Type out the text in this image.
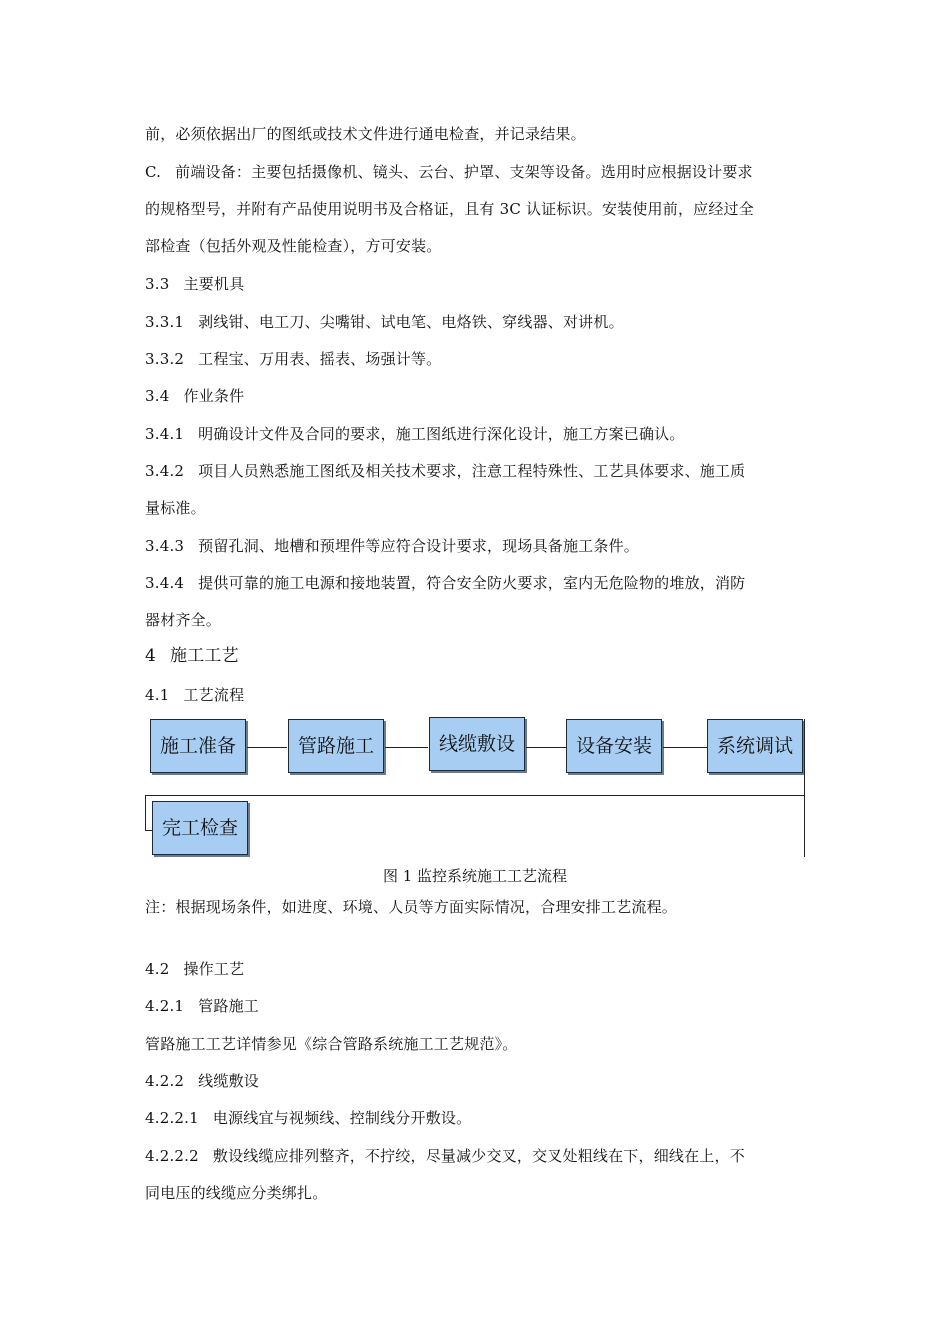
前，必须依据出厂的图纸或技术文件进行通电检查，并记录结果。
C. 前端设备：主要包括摄像机、镜头、云台、护罩、支架等设备。选用时应根据设计要求
的规格型号，并附有产品使用说明书及合格证，且有 3C 认证标识。安装使用前，应经过全
部检查（包括外观及性能检查），方可安装。
3.3 主要机具
3.3.1 剥线钳、电工刀、尖嘴钳、试电笔、电烙铁、穿线器、对讲机。
3.3.2 工程宝、万用表、摇表、场强计等。
3.4 作业条件
3.4.1 明确设计文件及合同的要求，施工图纸进行深化设计，施工方案已确认。
3.4.2 项目人员熟悉施工图纸及相关技术要求，注意工程特殊性、工艺具体要求、施工质
量标准。
3.4.3 预留孔洞、地槽和预埋件等应符合设计要求，现场具备施工条件。
3.4.4 提供可靠的施工电源和接地装置，符合安全防火要求，室内无危险物的堆放，消防
器材齐全。
4 施工工艺
4.1 工艺流程
施工准备	管路施工	线缆敷设	设备安装	系统调试
完工检查
图 1 监控系统施工工艺流程
注：根据现场条件，如进度、环境、人员等方面实际情况，合理安排工艺流程。
4.2 操作工艺
4.2.1 管路施工
管路施工工艺详情参见《综合管路系统施工工艺规范》。
4.2.2 线缆敷设
4.2.2.1 电源线宜与视频线、控制线分开敷设。
4.2.2.2 敷设线缆应排列整齐，不拧绞，尽量减少交叉，交叉处粗线在下，细线在上，不
同电压的线缆应分类绑扎。
